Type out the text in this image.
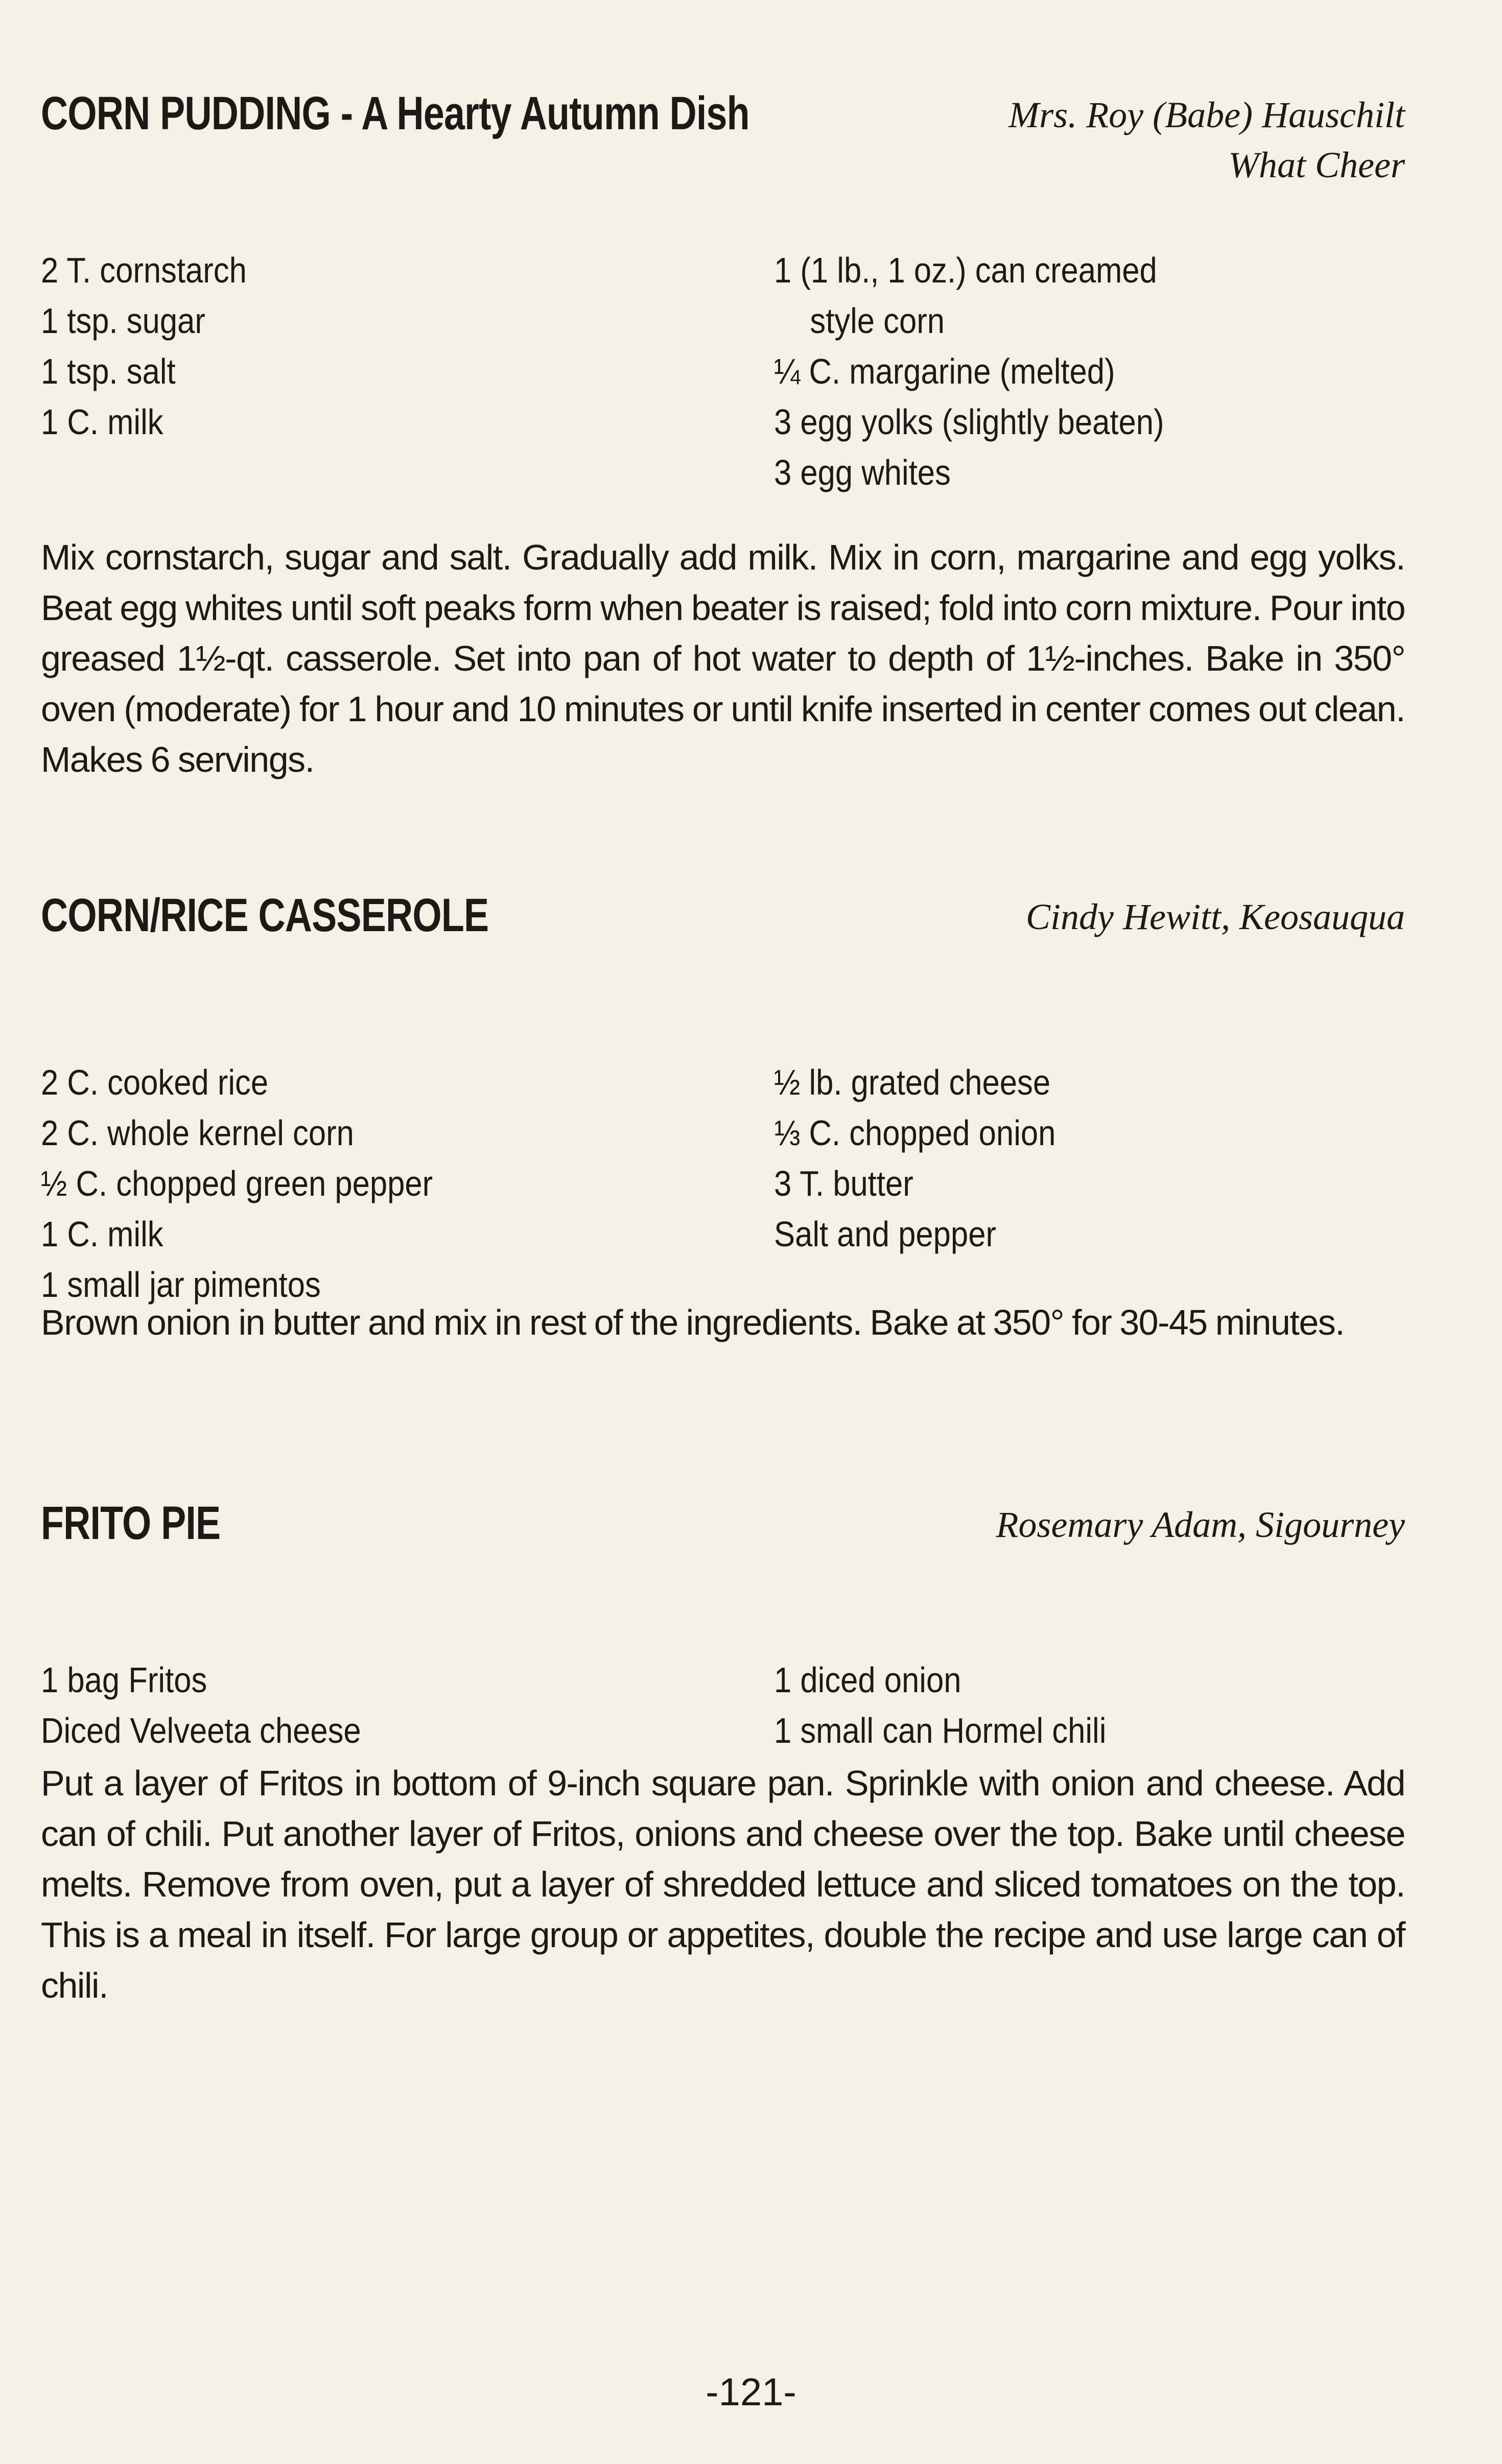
CORN PUDDING - A Hearty Autumn Dish	Mrs. Roy (Babe) Hauschilt
What Cheer
2 T. cornstarch
1 tsp. sugar
1 tsp. salt
1 C. milk
1 (1 lb., 1 oz.) can creamed
style corn
¼ C. margarine (melted)
3 egg yolks (slightly beaten)
3 egg whites
Mix cornstarch, sugar and salt. Gradually add milk. Mix in corn, margarine and egg yolks. Beat egg whites until soft peaks form when beater is raised; fold into corn mixture. Pour into greased 1½-qt. casserole. Set into pan of hot water to depth of 1½-inches. Bake in 350° oven (moderate) for 1 hour and 10 minutes or until knife inserted in center comes out clean. Makes 6 servings.
CORN/RICE CASSEROLE	Cindy Hewitt, Keosauqua
2 C. cooked rice
2 C. whole kernel corn
½ C. chopped green pepper
1 C. milk
1 small jar pimentos
½ lb. grated cheese
⅓ C. chopped onion
3 T. butter
Salt and pepper
Brown onion in butter and mix in rest of the ingredients. Bake at 350° for 30-45 minutes.
FRITO PIE	Rosemary Adam, Sigourney
1 bag Fritos
Diced Velveeta cheese
1 diced onion
1 small can Hormel chili
Put a layer of Fritos in bottom of 9-inch square pan. Sprinkle with onion and cheese. Add can of chili. Put another layer of Fritos, onions and cheese over the top. Bake until cheese melts. Remove from oven, put a layer of shredded lettuce and sliced tomatoes on the top. This is a meal in itself. For large group or appetites, double the recipe and use large can of chili.
-121-
